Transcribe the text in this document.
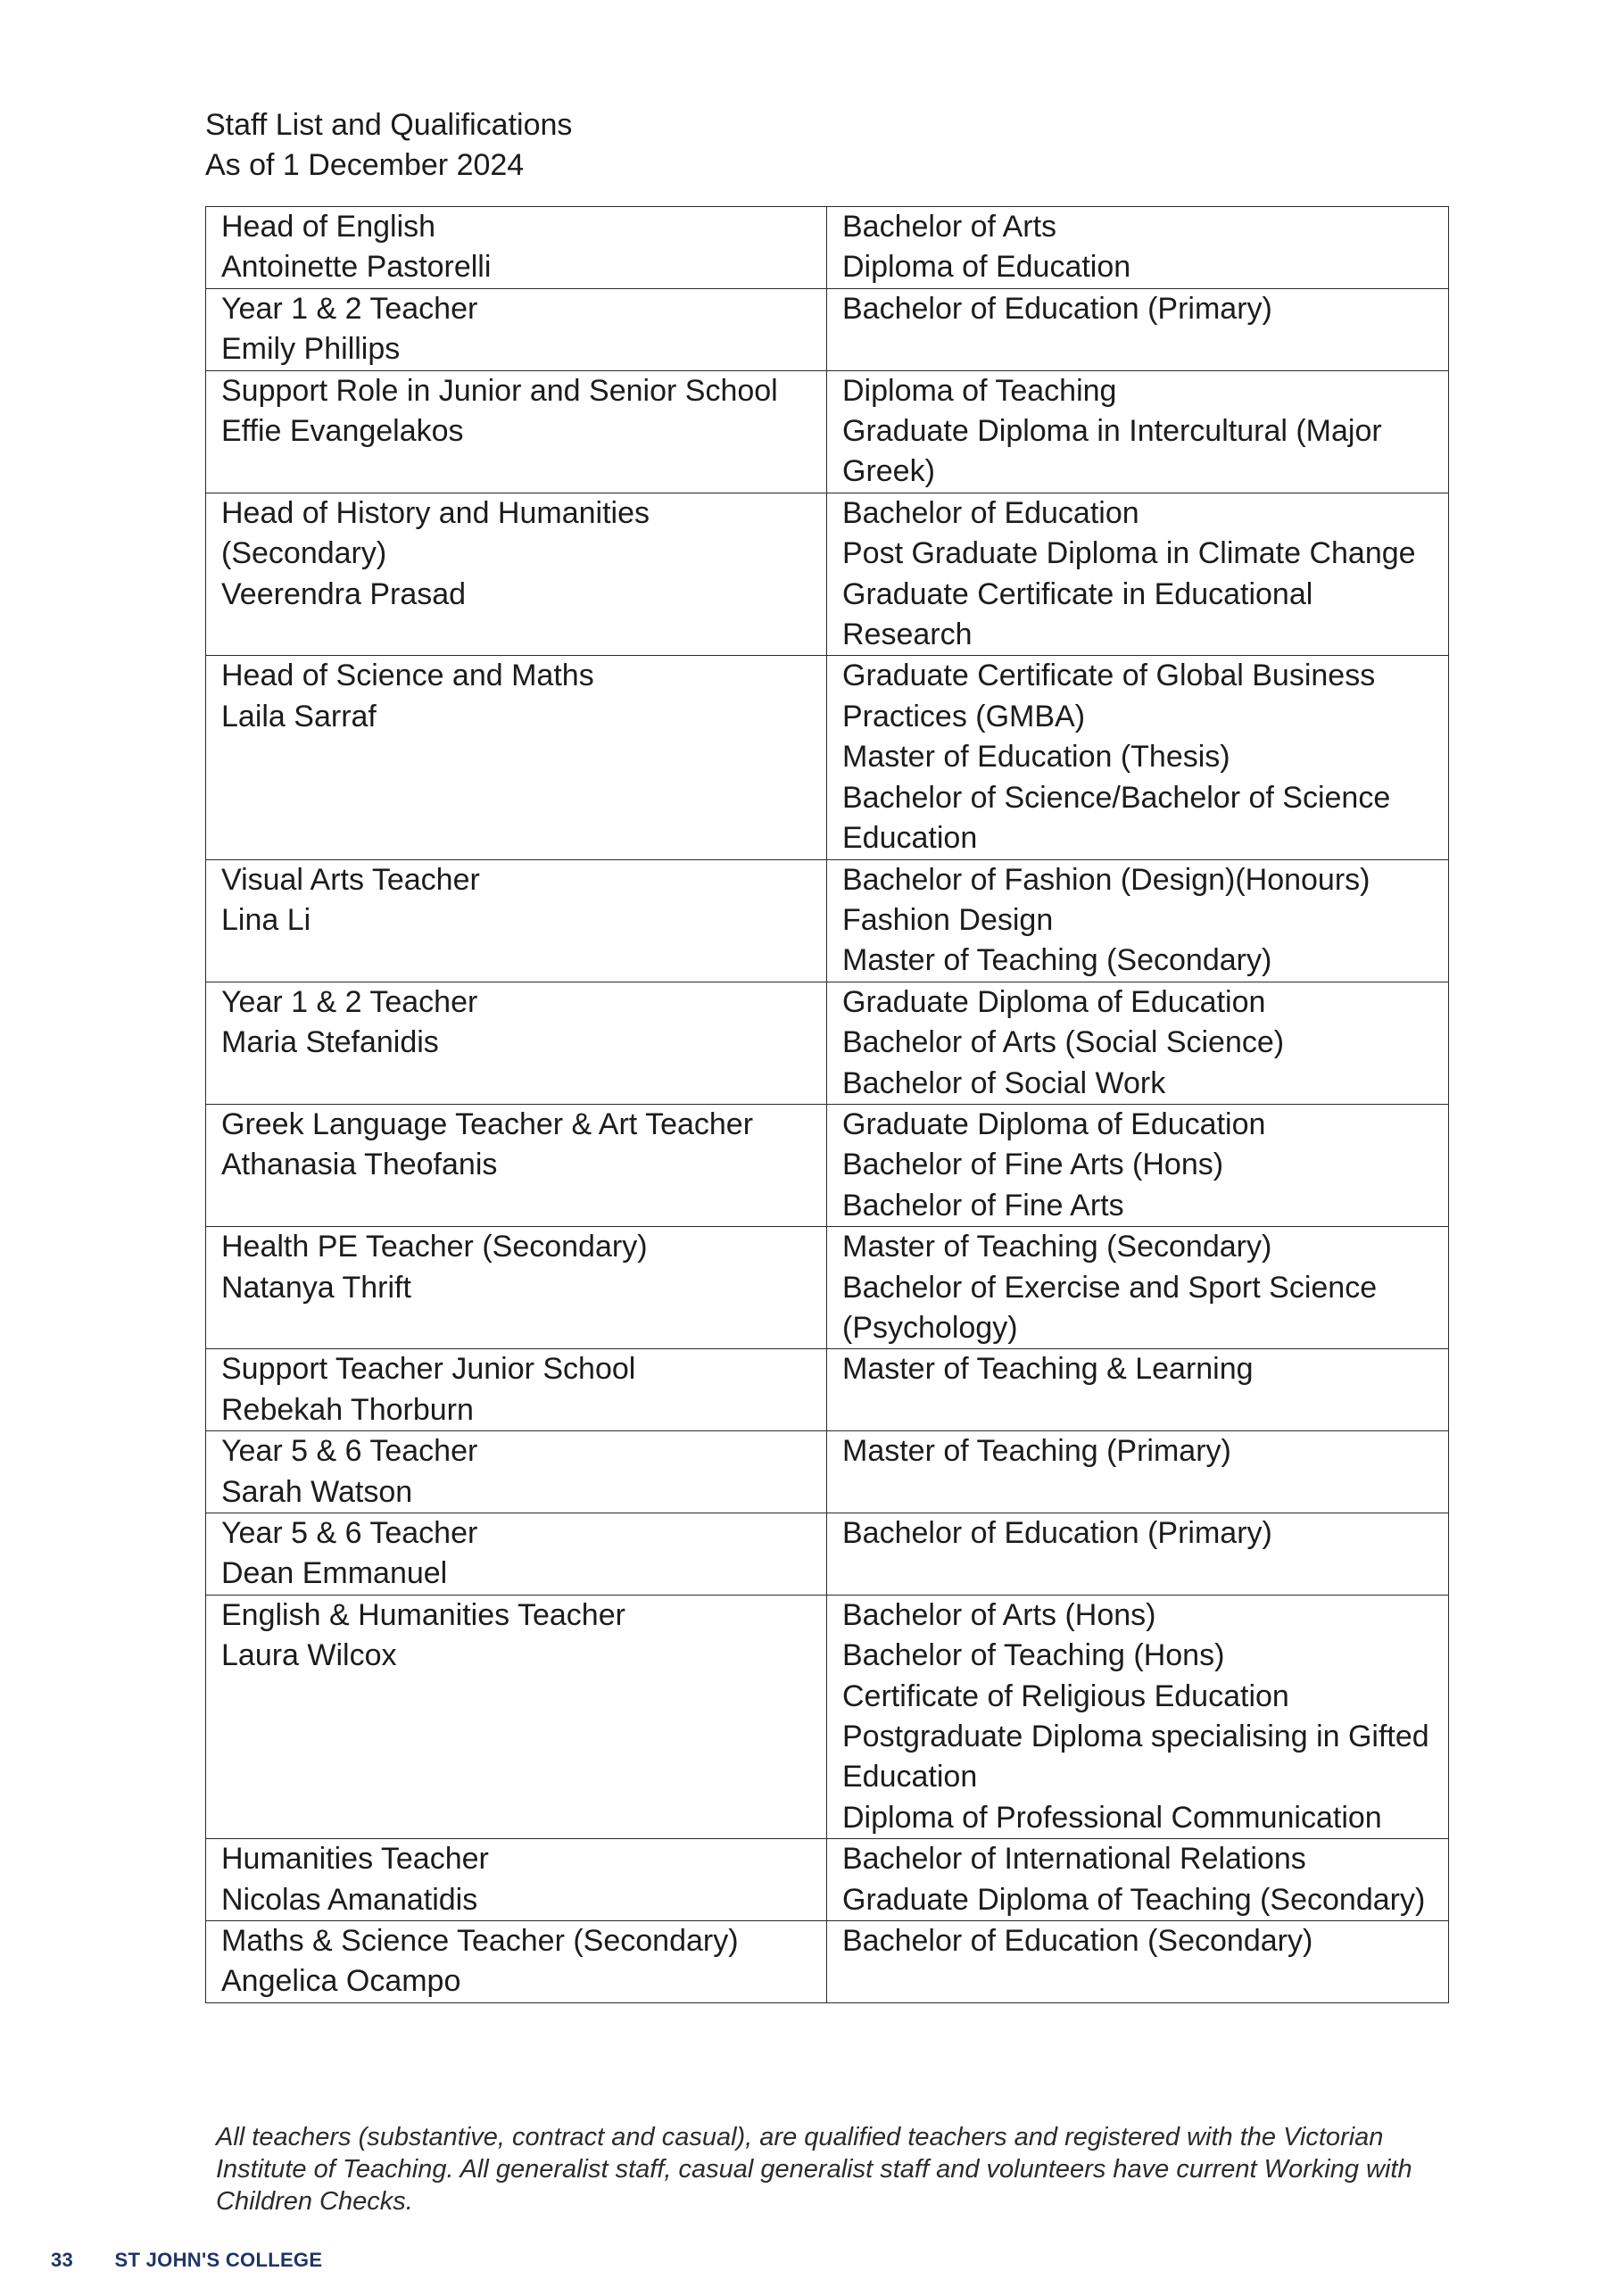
Staff List and Qualifications
As of 1 December 2024
Head of English
Antoinette Pastorelli	Bachelor of Arts
Diploma of Education

Year 1 & 2 Teacher
Emily Phillips	Bachelor of Education (Primary)

Support Role in Junior and Senior School
Effie Evangelakos	Diploma of Teaching
Graduate Diploma in Intercultural (Major Greek)

Head of History and Humanities (Secondary)
Veerendra Prasad	Bachelor of Education
Post Graduate Diploma in Climate Change
Graduate Certificate in Educational Research

Head of Science and Maths
Laila Sarraf	Graduate Certificate of Global Business Practices (GMBA)
Master of Education (Thesis)
Bachelor of Science/Bachelor of Science Education

Visual Arts Teacher
Lina Li	Bachelor of Fashion (Design)(Honours) Fashion Design
Master of Teaching (Secondary)

Year 1 & 2 Teacher
Maria Stefanidis	Graduate Diploma of Education
Bachelor of Arts (Social Science)
Bachelor of Social Work

Greek Language Teacher & Art Teacher
Athanasia Theofanis	Graduate Diploma of Education
Bachelor of Fine Arts (Hons)
Bachelor of Fine Arts

Health PE Teacher (Secondary)
Natanya Thrift	Master of Teaching (Secondary)
Bachelor of Exercise and Sport Science (Psychology)

Support Teacher Junior School
Rebekah Thorburn	Master of Teaching & Learning

Year 5 & 6 Teacher
Sarah Watson	Master of Teaching (Primary)

Year 5 & 6 Teacher
Dean Emmanuel	Bachelor of Education (Primary)

English & Humanities Teacher
Laura Wilcox	Bachelor of Arts (Hons)
Bachelor of Teaching (Hons)
Certificate of Religious Education
Postgraduate Diploma specialising in Gifted Education
Diploma of Professional Communication

Humanities Teacher
Nicolas Amanatidis	Bachelor of International Relations
Graduate Diploma of Teaching (Secondary)

Maths & Science Teacher (Secondary)
Angelica Ocampo	Bachelor of Education (Secondary)
All teachers (substantive, contract and casual), are qualified teachers and registered with the Victorian Institute of Teaching. All generalist staff, casual generalist staff and volunteers have current Working with Children Checks.
33 ST JOHN'S COLLEGE
